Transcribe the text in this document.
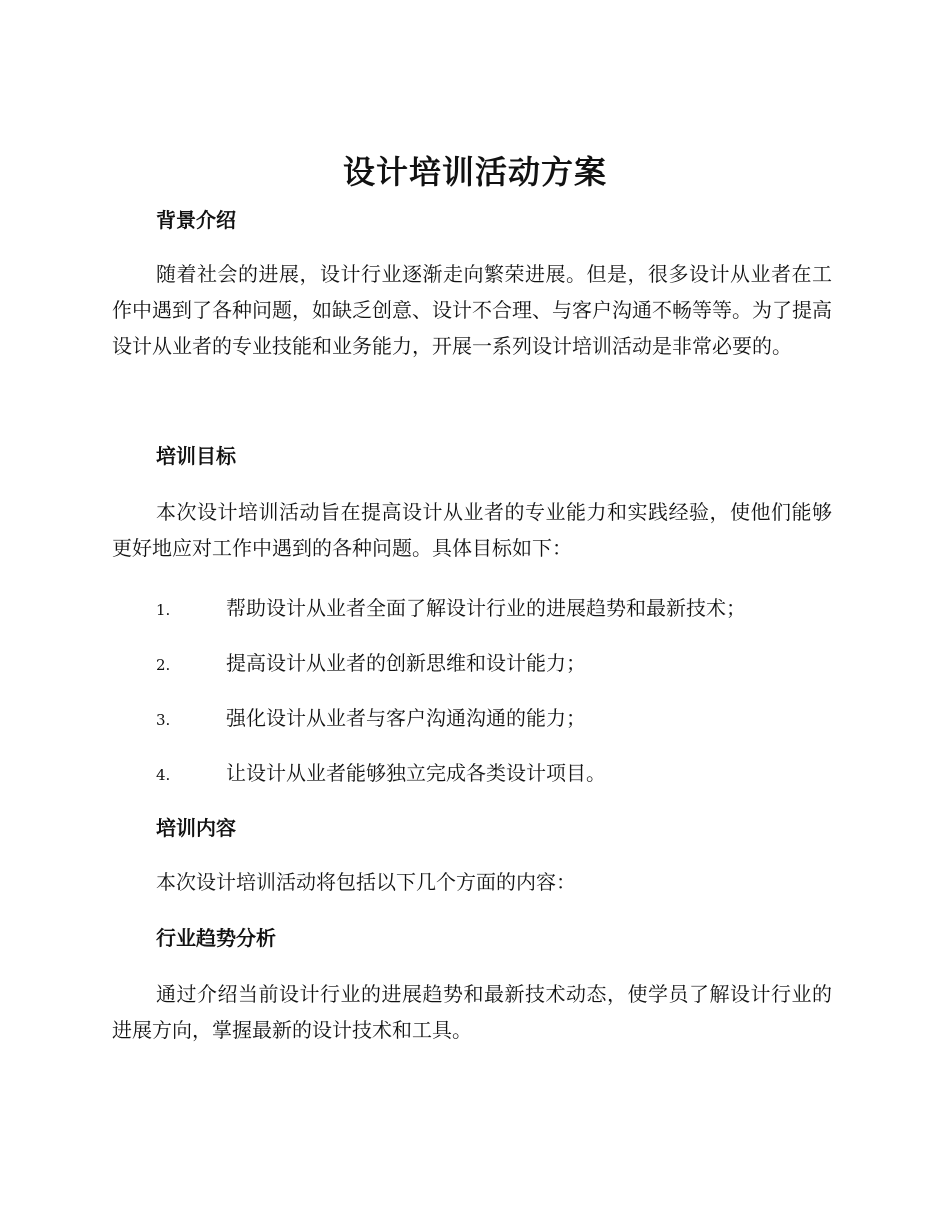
设计培训活动方案
背景介绍

随着社会的进展，设计行业逐渐走向繁荣进展。但是，很多设计从业者在工作中遇到了各种问题，如缺乏创意、设计不合理、与客户沟通不畅等等。为了提高设计从业者的专业技能和业务能力，开展一系列设计培训活动是非常必要的。

培训目标

本次设计培训活动旨在提高设计从业者的专业能力和实践经验，使他们能够更好地应对工作中遇到的各种问题。具体目标如下：

1.	帮助设计从业者全面了解设计行业的进展趋势和最新技术；
2.	提高设计从业者的创新思维和设计能力；
3.	强化设计从业者与客户沟通沟通的能力；
4.	让设计从业者能够独立完成各类设计项目。
培训内容

本次设计培训活动将包括以下几个方面的内容：

行业趋势分析

通过介绍当前设计行业的进展趋势和最新技术动态，使学员了解设计行业的进展方向，掌握最新的设计技术和工具。
